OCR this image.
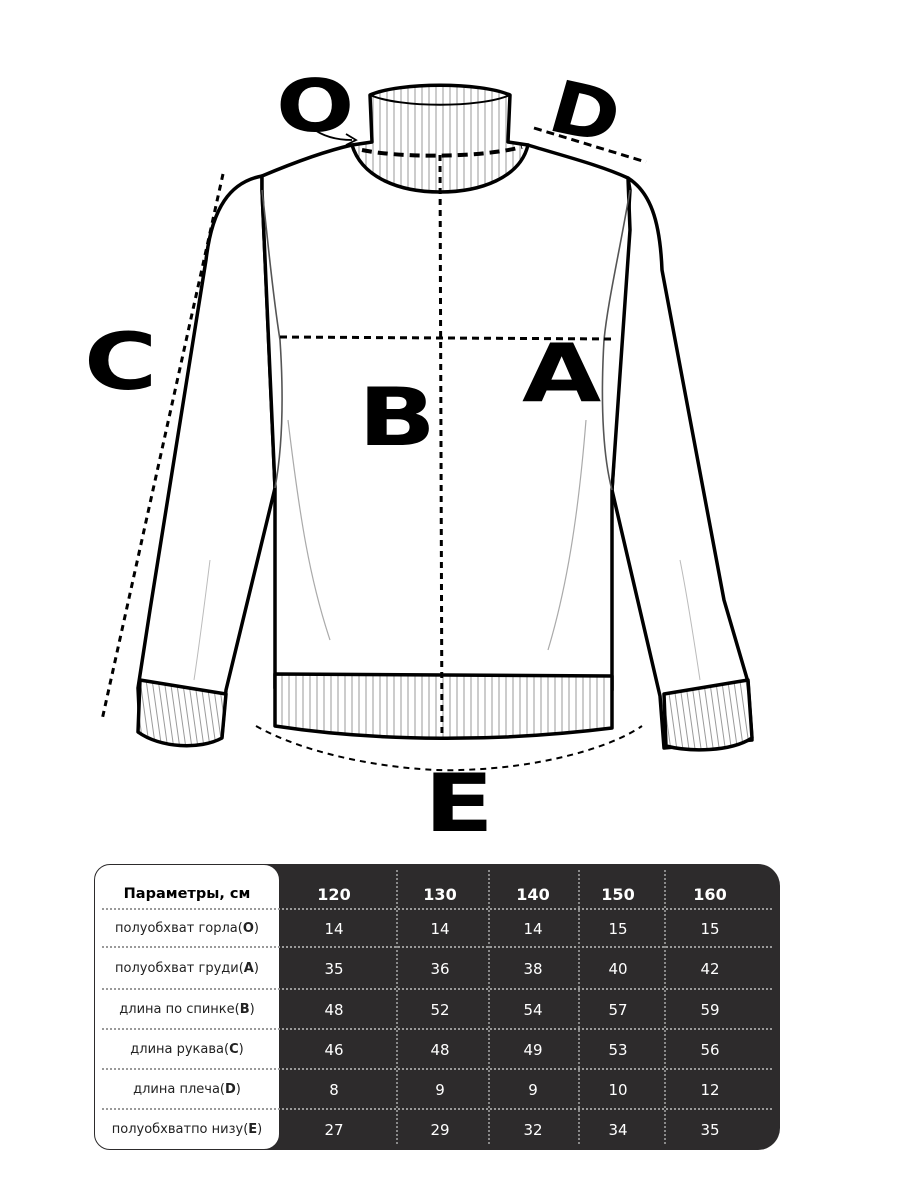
O	D
C	A
B
E
Параметры, см	120	130	140	150	160
полуобхват горла ( O )	14	14	14	15	15
полуобхват груди ( A )	35	36	38	40	42
длина по спинке ( B )	48	52	54	57	59
длина рукава ( C )	46	48	49	53	56
длина плеча ( D )	8	9	9	10	12
полуобхват по низу ( E )	27	29	32	34	35
